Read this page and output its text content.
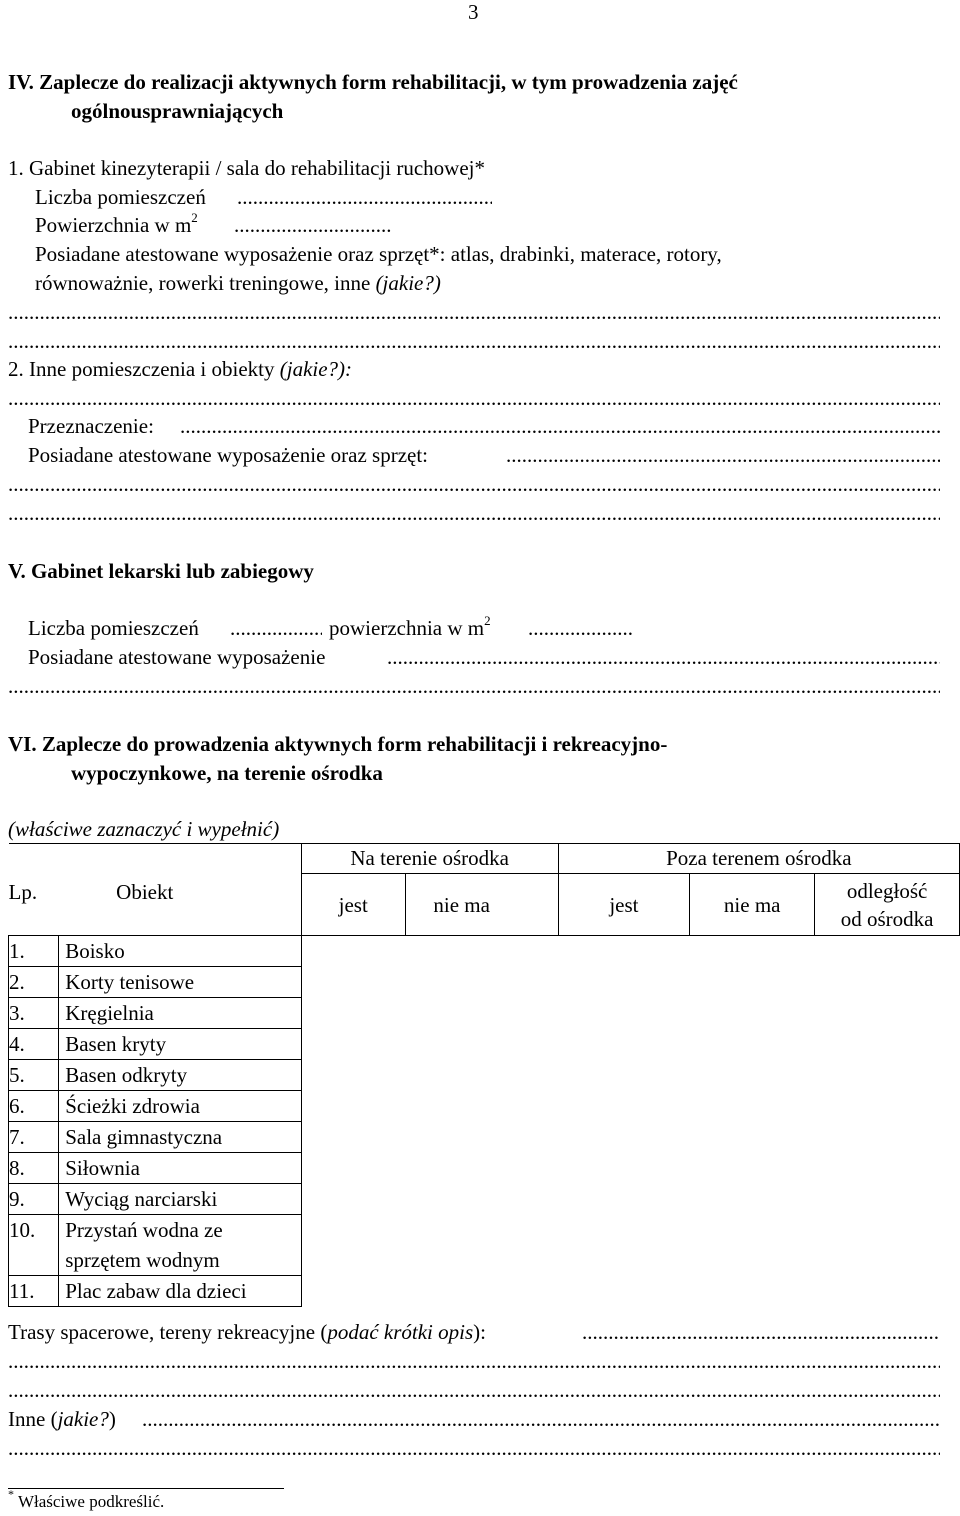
3
IV. Zaplecze do realizacji aktywnych form rehabilitacji, w tym prowadzenia zajęć
ogólnousprawniających
1. Gabinet kinezyterapii / sala do rehabilitacji ruchowej*
Liczba pomieszczeń
.....
Powierzchnia w $m^2$
.....
Posiadane atestowane wyposażenie oraz sprzęt*: atlas, drabinki, materace, rotory,
równoważnie, rowerki treningowe, inne (jakie?)
.....
.....
2. Inne pomieszczenia i obiekty (jakie?):
.....
Przeznaczenie:
.....
Posiadane atestowane wyposażenie oraz sprzęt:
.....
.....
.....
V. Gabinet lekarski lub zabiegowy
Liczba pomieszczeń .....	powierzchnia w $m^2$
.....
Posiadane atestowane wyposażenie
.....
.....
VI. Zaplecze do prowadzenia aktywnych form rehabilitacji i rekreacyjno-
wypoczynkowe, na terenie ośrodka
(właściwe zaznaczyć i wypełnić)
Lp.	Obiekt	Na terenie ośrodka		Poza terenem ośrodka		
		jest	nie ma	jest	nie ma	odległość
od ośrodka
1.	Boisko					
2.	Korty tenisowe					
3.	Kręgielnia					
4.	Basen kryty					
5.	Basen odkryty					
6.	Ścieżki zdrowia					
7.	Sala gimnastyczna					
8.	Siłownia					
9.	Wyciąg narciarski					
10.	Przystań wodna ze
sprzętem wodnym					
11.	Plac zabaw dla dzieci					
Trasy spacerowe, tereny rekreacyjne (podać krótki opis):
.....
.....
.....
Inne (jakie?)
.....
.....
* Właściwe podkreślić.
